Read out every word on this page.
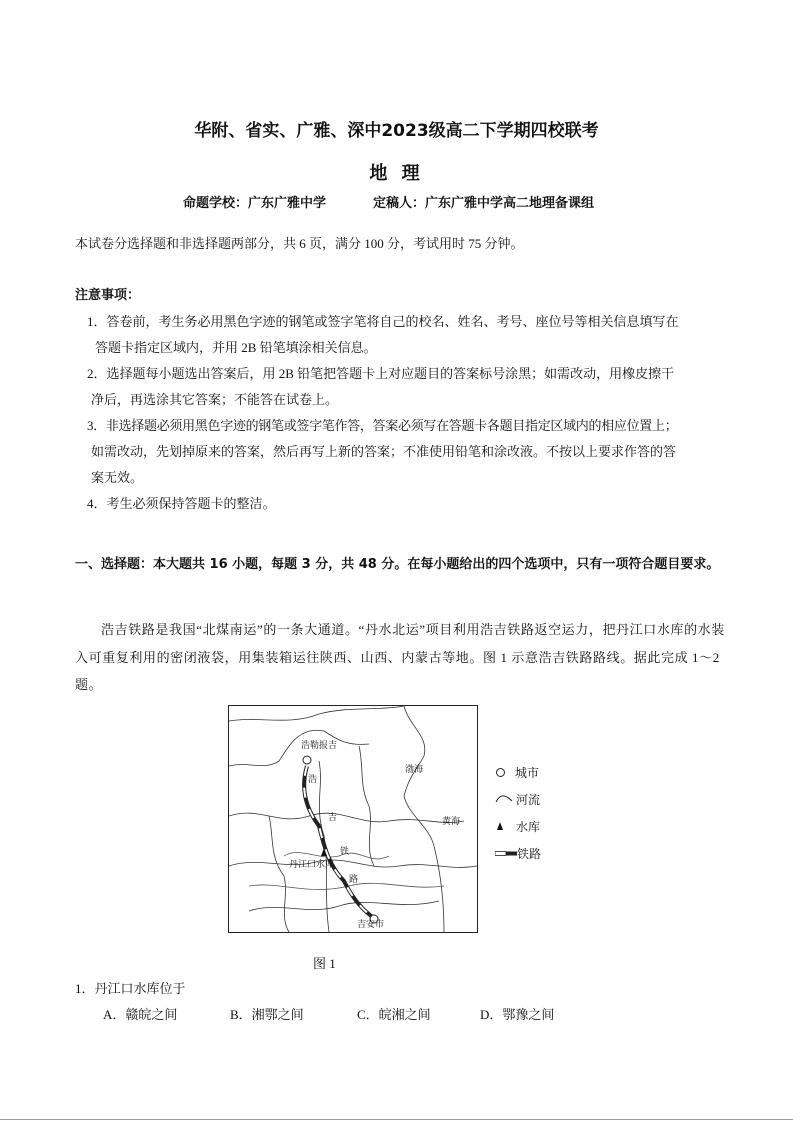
华附、省实、广雅、深中2023级高二下学期四校联考
地 理
命题学校：广东广雅中学	定稿人：广东广雅中学高二地理备课组
本试卷分选择题和非选择题两部分，共 6 页，满分 100 分，考试用时 75 分钟。
注意事项：
1．答卷前，考生务必用黑色字迹的钢笔或签字笔将自己的校名、姓名、考号、座位号等相关信息填写在
答题卡指定区域内，并用 2B 铅笔填涂相关信息。
2．选择题每小题选出答案后，用 2B 铅笔把答题卡上对应题目的答案标号涂黑；如需改动，用橡皮擦干
净后，再选涂其它答案；不能答在试卷上。
3．非选择题必须用黑色字迹的钢笔或签字笔作答，答案必须写在答题卡各题目指定区域内的相应位置上；
如需改动，先划掉原来的答案，然后再写上新的答案；不准使用铅笔和涂改液。不按以上要求作答的答
案无效。
4．考生必须保持答题卡的整洁。
一、选择题：本大题共 16 小题，每题 3 分，共 48 分。在每小题给出的四个选项中，只有一项符合题目要求。
浩吉铁路是我国“北煤南运”的一条大通道。“丹水北运”项目利用浩吉铁路返空运力，把丹江口水库的水装入可重复利用的密闭液袋，用集装箱运往陕西、山西、内蒙古等地。图 1 示意浩吉铁路路线。据此完成 1～2 题。
浩勒报吉
吉安市
渤海
黄海
丹江口水库
浩
吉
铁
路
城市
河流
水库
铁路
图 1
1．丹江口水库位于
A．赣皖之间	B．湘鄂之间	C．皖湘之间	D．鄂豫之间
